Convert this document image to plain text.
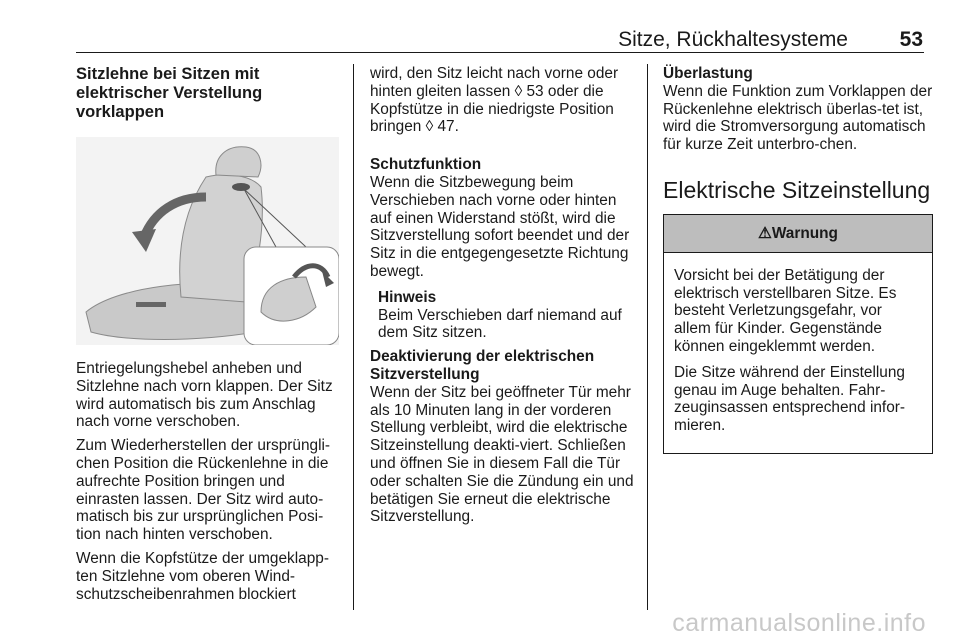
Sitze, Rückhaltesysteme 53
Sitzlehne bei Sitzen mit elektrischer Verstellung vorklappen

Entriegelungshebel anheben und Sitzlehne nach vorn klappen. Der Sitz wird automatisch bis zum Anschlag nach vorne verschoben.

Zum Wiederherstellen der ursprüngli-chen Position die Rückenlehne in die aufrechte Position bringen und einrasten lassen. Der Sitz wird auto-matisch bis zur ursprünglichen Posi-tion nach hinten verschoben.

Wenn die Kopfstütze der umgeklapp-ten Sitzlehne vom oberen Wind-schutzscheibenrahmen blockiert

wird, den Sitz leicht nach vorne oder hinten gleiten lassen ◊ 53 oder die Kopfstütze in die niedrigste Position bringen ◊ 47.

Schutzfunktion

Wenn die Sitzbewegung beim Verschieben nach vorne oder hinten auf einen Widerstand stößt, wird die Sitzverstellung sofort beendet und der Sitz in die entgegengesetzte Richtung bewegt.

Hinweis

Beim Verschieben darf niemand auf dem Sitz sitzen.

Deaktivierung der elektrischen Sitzverstellung

Wenn der Sitz bei geöffneter Tür mehr als 10 Minuten lang in der vorderen Stellung verbleibt, wird die elektrische Sitzeinstellung deakti-viert. Schließen und öffnen Sie in diesem Fall die Tür oder schalten Sie die Zündung ein und betätigen Sie erneut die elektrische Sitzverstellung.

Überlastung

Wenn die Funktion zum Vorklappen der Rückenlehne elektrisch überlas-tet ist, wird die Stromversorgung automatisch für kurze Zeit unterbro-chen.

Elektrische Sitzeinstellung
⚠Warnung

Vorsicht bei der Betätigung der elektrisch verstellbaren Sitze. Es besteht Verletzungsgefahr, vor allem für Kinder. Gegenstände können eingeklemmt werden.

Die Sitze während der Einstellung genau im Auge behalten. Fahr-zeuginsassen entsprechend infor-mieren.

carmanualsonline.info
